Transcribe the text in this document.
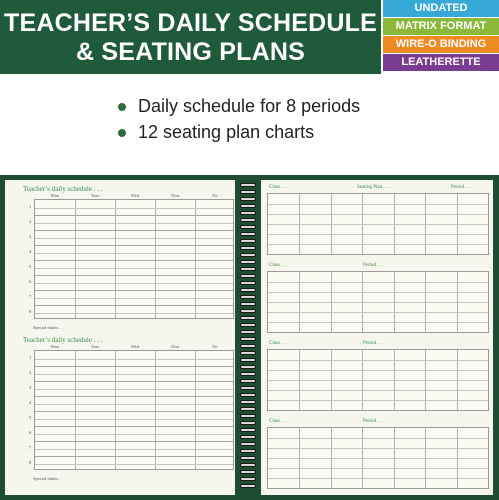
TEACHER’S DAILY SCHEDULE
& SEATING PLANS
UNDATED
MATRIX FORMAT
WIRE-O BINDING
LEATHERETTE COVER
Daily schedule for 8 periods
12 seating plan charts
Teacher’s daily schedule . . .
Mon	Tues	Wed	Thur	Fri
1
2
3
4
5
6
7
8
Special duties . . .
Teacher’s daily schedule . . .
Mon	Tues	Wed	Thur	Fri
1
2
3
4
5
6
7
8
Special duties . . .
Class . . .	Seating Plan . . .	Period . . .
Class . . .	Period . . .
Class . . .	Period . . .
Class . . .	Period . . .
